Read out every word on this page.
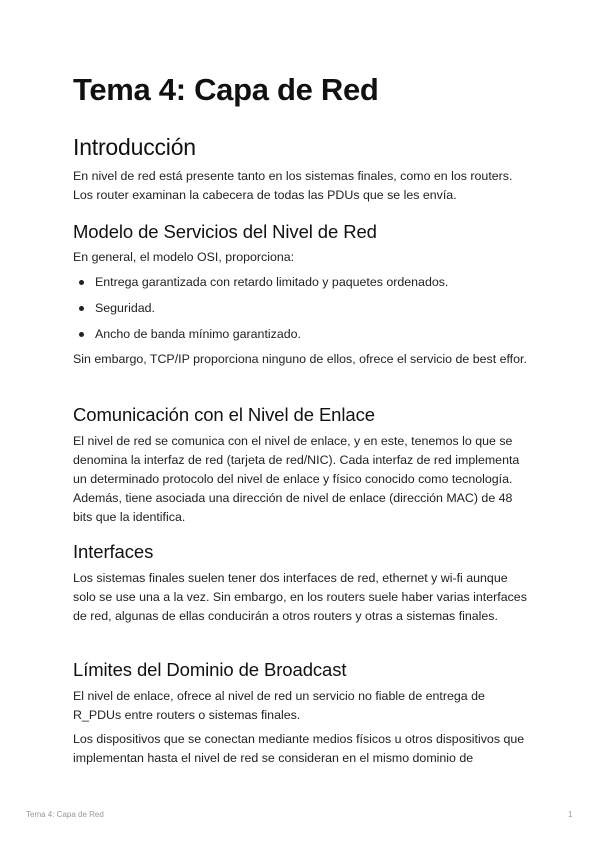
Tema 4: Capa de Red
Introducción

En nivel de red está presente tanto en los sistemas finales, como en los routers. Los router examinan la cabecera de todas las PDUs que se les envía.

Modelo de Servicios del Nivel de Red

En general, el modelo OSI, proporciona:

Entrega garantizada con retardo limitado y paquetes ordenados.
Seguridad.
Ancho de banda mínimo garantizado.

Sin embargo, TCP/IP proporciona ninguno de ellos, ofrece el servicio de best effor.

Comunicación con el Nivel de Enlace

El nivel de red se comunica con el nivel de enlace, y en este, tenemos lo que se denomina la interfaz de red (tarjeta de red/NIC). Cada interfaz de red implementa un determinado protocolo del nivel de enlace y físico conocido como tecnología. Además, tiene asociada una dirección de nivel de enlace (dirección MAC) de 48 bits que la identifica.

Interfaces

Los sistemas finales suelen tener dos interfaces de red, ethernet y wi-fi aunque solo se use una a la vez. Sin embargo, en los routers suele haber varias interfaces de red, algunas de ellas conducirán a otros routers y otras a sistemas finales.

Límites del Dominio de Broadcast

El nivel de enlace, ofrece al nivel de red un servicio no fiable de entrega de R_PDUs entre routers o sistemas finales.

Los dispositivos que se conectan mediante medios físicos u otros dispositivos que implementan hasta el nivel de red se consideran en el mismo dominio de

Tema 4: Capa de Red	1
